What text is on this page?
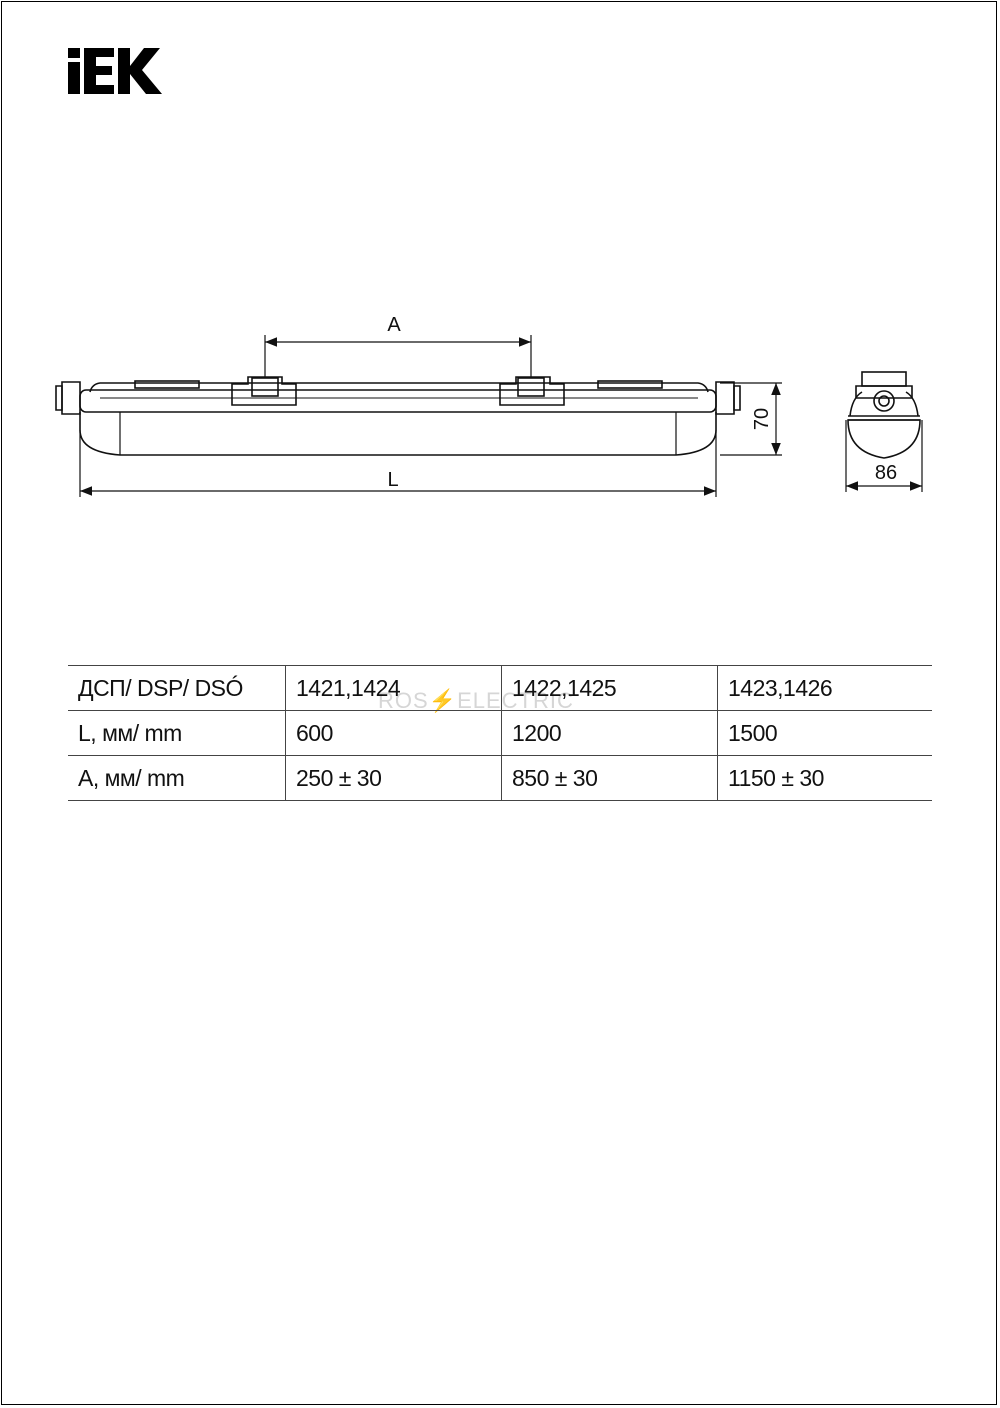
A
L
70
86
ROS⚡ELECTRIC
ДСП/ DSP/ DSÓ	1421,1424	1422,1425	1423,1426
L, мм/ mm	600	1200	1500
A, мм/ mm	250 ± 30	850 ± 30	1150 ± 30
